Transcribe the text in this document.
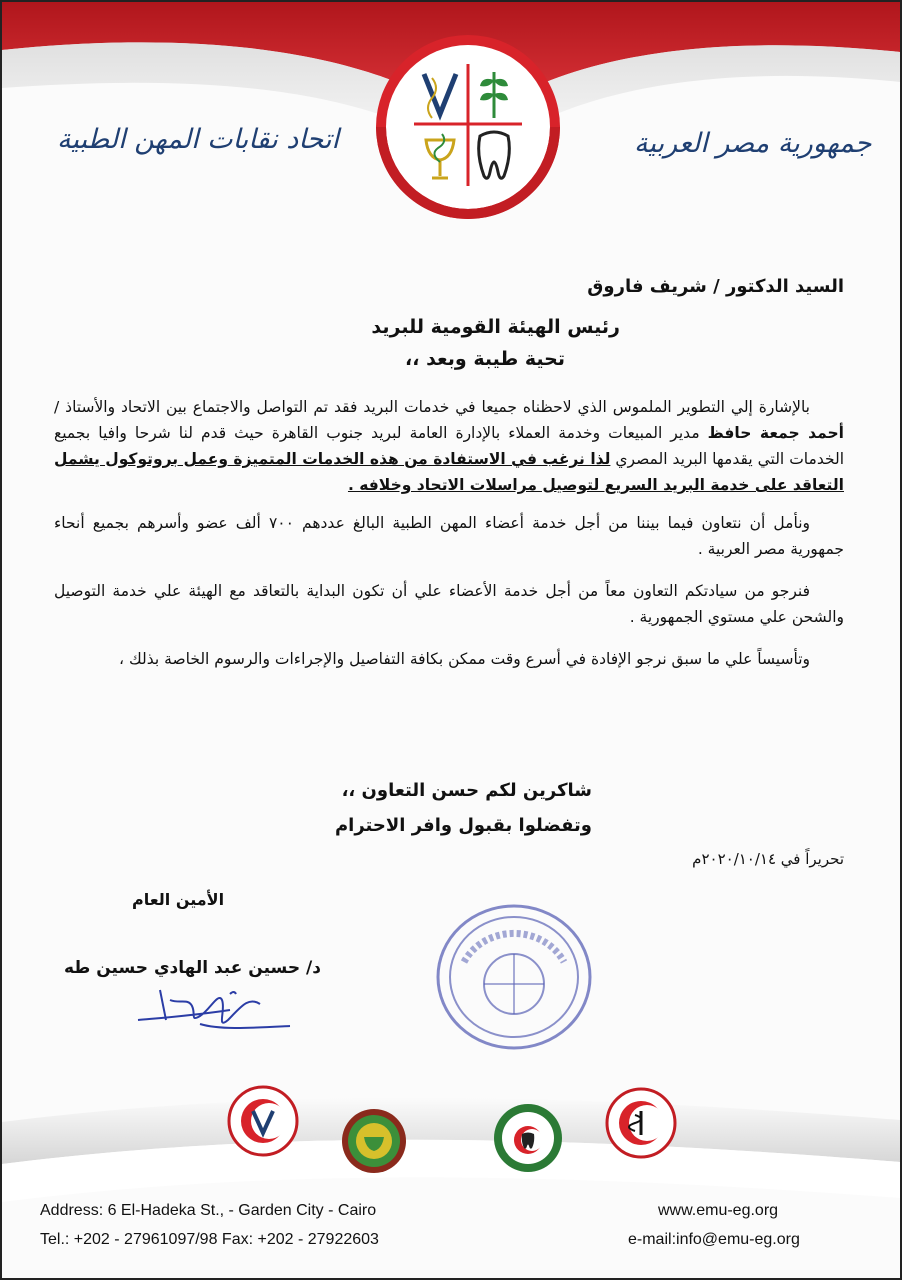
جمهورية مصر العربية
اتحاد نقابات المهن الطبية
السيد الدكتور / شريف فاروق
رئيس الهيئة القومية للبريد
تحية طيبة وبعد ،،

بالإشارة إلي التطوير الملموس الذي لاحظناه جميعا في خدمات البريد فقد تم التواصل والاجتماع بين الاتحاد والأستاذ / أحمد جمعة حافظ مدير المبيعات وخدمة العملاء بالإدارة العامة لبريد جنوب القاهرة حيث قدم لنا شرحا وافيا بجميع الخدمات التي يقدمها البريد المصري لذا نرغب في الاستفادة من هذه الخدمات المتميزة وعمل بروتوكول يشمل التعاقد على خدمة البريد السريع لتوصيل مراسلات الاتحاد وخلافه .

ونأمل أن نتعاون فيما بيننا من أجل خدمة أعضاء المهن الطبية البالغ عددهم ٧٠٠ ألف عضو وأسرهم بجميع أنحاء جمهورية مصر العربية .

فنرجو من سيادتكم التعاون معاً من أجل خدمة الأعضاء علي أن تكون البداية بالتعاقد مع الهيئة علي خدمة التوصيل والشحن علي مستوي الجمهورية .

وتأسيساً علي ما سبق نرجو الإفادة في أسرع وقت ممكن بكافة التفاصيل والإجراءات والرسوم الخاصة بذلك ،

شاكرين لكم حسن التعاون ،،
وتفضلوا بقبول وافر الاحترام
تحريراً في ٢٠٢٠/١٠/١٤م
الأمين العام
د/ حسين عبد الهادي حسين طه
Address: 6 El-Hadeka St., - Garden City - Cairo
Tel.: +202 - 27961097/98 Fax: +202 - 27922603
www.emu-eg.org
e-mail:info@emu-eg.org
